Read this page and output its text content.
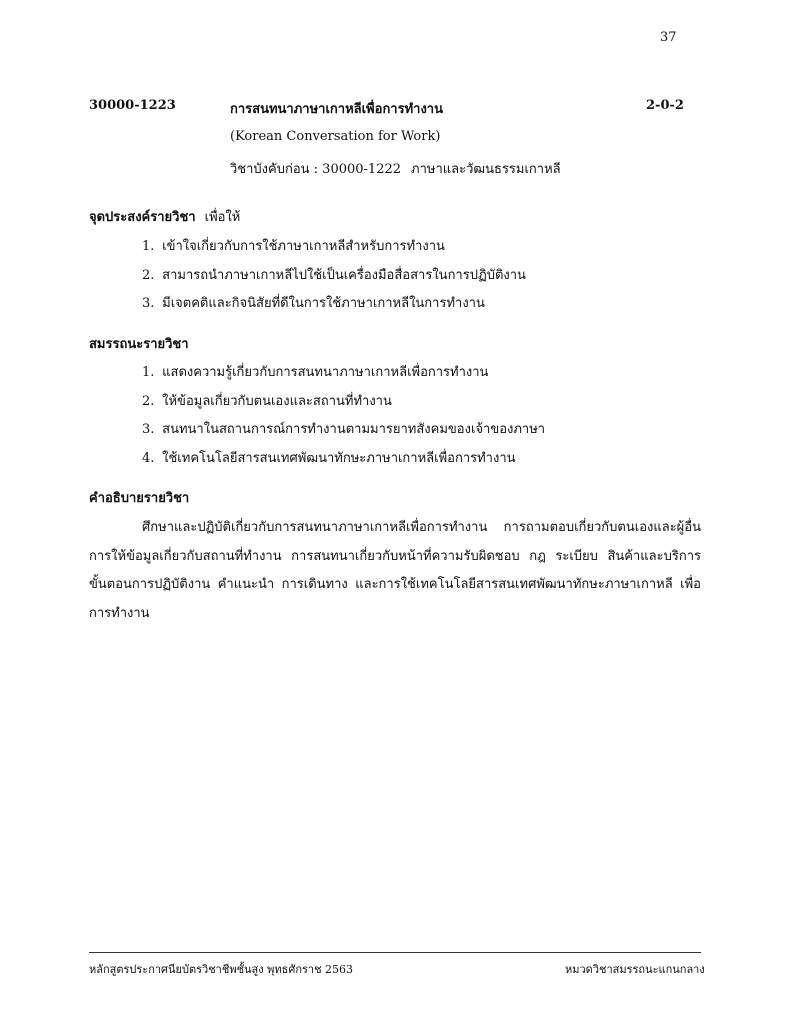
37
30000-1223	การสนทนาภาษาเกาหลีเพื่อการทำงาน	2-0-2
(Korean Conversation for Work)
วิชาบังคับก่อน : 30000-1222 ภาษาและวัฒนธรรมเกาหลี
จุดประสงค์รายวิชา เพื่อให้
1. เข้าใจเกี่ยวกับการใช้ภาษาเกาหลีสำหรับการทำงาน
2. สามารถนำภาษาเกาหลีไปใช้เป็นเครื่องมือสื่อสารในการปฏิบัติงาน
3. มีเจตคติและกิจนิสัยที่ดีในการใช้ภาษาเกาหลีในการทำงาน
สมรรถนะรายวิชา
1. แสดงความรู้เกี่ยวกับการสนทนาภาษาเกาหลีเพื่อการทำงาน
2. ให้ข้อมูลเกี่ยวกับตนเองและสถานที่ทำงาน
3. สนทนาในสถานการณ์การทำงานตามมารยาทสังคมของเจ้าของภาษา
4. ใช้เทคโนโลยีสารสนเทศพัฒนาทักษะภาษาเกาหลีเพื่อการทำงาน
คำอธิบายรายวิชา

ศึกษาและปฏิบัติเกี่ยวกับการสนทนาภาษาเกาหลีเพื่อการทำงาน การถามตอบเกี่ยวกับตนเองและผู้อื่น การให้ข้อมูลเกี่ยวกับสถานที่ทำงาน การสนทนาเกี่ยวกับหน้าที่ความรับผิดชอบ กฎ ระเบียบ สินค้าและบริการ ขั้นตอนการปฏิบัติงาน คำแนะนำ การเดินทาง และการใช้เทคโนโลยีสารสนเทศพัฒนาทักษะภาษาเกาหลี เพื่อการทำงาน

หลักสูตรประกาศนียบัตรวิชาชีพชั้นสูง พุทธศักราช 2563	หมวดวิชาสมรรถนะแกนกลาง
